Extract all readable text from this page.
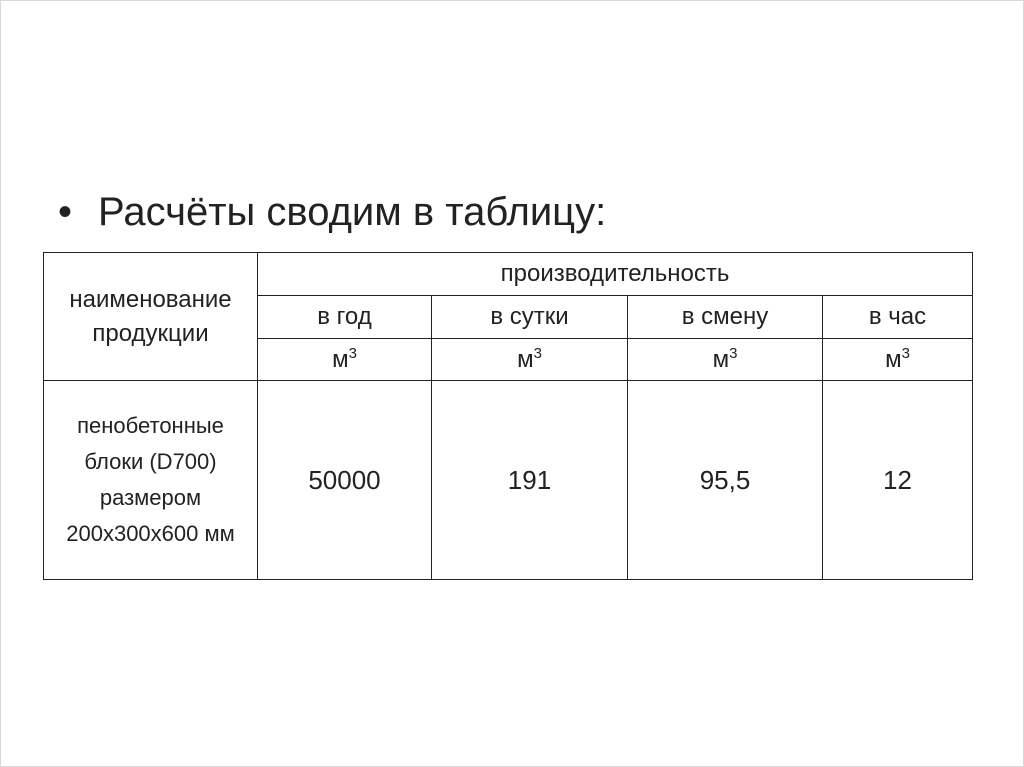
• Расчёты сводим в таблицу:
наименование продукции	производительность			
	в год	в сутки	в смену	в час
	$м^3$	$м^3$	$м^3$	$м^3$
пенобетонные блоки (D700) размером 200х300х600 мм	50000	191	95,5	12
